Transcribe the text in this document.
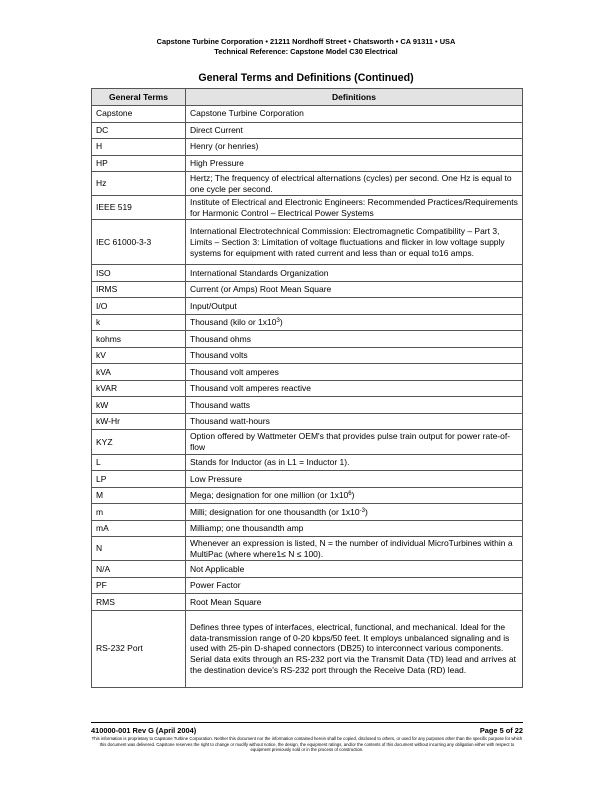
Capstone Turbine Corporation • 21211 Nordhoff Street • Chatsworth • CA 91311 • USA
Technical Reference: Capstone Model C30 Electrical
General Terms and Definitions (Continued)
General Terms	Definitions
Capstone	Capstone Turbine Corporation
DC	Direct Current
H	Henry (or henries)
HP	High Pressure
Hz	Hertz; The frequency of electrical alternations (cycles) per second. One Hz is equal to one cycle per second.
IEEE 519	Institute of Electrical and Electronic Engineers: Recommended Practices/Requirements for Harmonic Control – Electrical Power Systems
IEC 61000-3-3	International Electrotechnical Commission: Electromagnetic Compatibility – Part 3, Limits – Section 3: Limitation of voltage fluctuations and flicker in low voltage supply systems for equipment with rated current and less than or equal to16 amps.
ISO	International Standards Organization
IRMS	Current (or Amps) Root Mean Square
I/O	Input/Output
k	Thousand (kilo or $1x10^3$)
kohms	Thousand ohms
kV	Thousand volts
kVA	Thousand volt amperes
kVAR	Thousand volt amperes reactive
kW	Thousand watts
kW-Hr	Thousand watt-hours
KYZ	Option offered by Wattmeter OEM's that provides pulse train output for power rate-of-flow
L	Stands for Inductor (as in L1 = Inductor 1).
LP	Low Pressure
M	Mega; designation for one million (or $1x10^6$)
m	Milli; designation for one thousandth (or $1x10^{-3}$)
mA	Milliamp; one thousandth amp
N	Whenever an expression is listed, N = the number of individual MicroTurbines within a MultiPac (where where1≤ N ≤ 100).
N/A	Not Applicable
PF	Power Factor
RMS	Root Mean Square
RS-232 Port	Defines three types of interfaces, electrical, functional, and mechanical. Ideal for the data-transmission range of 0-20 kbps/50 feet. It employs unbalanced signaling and is used with 25-pin D-shaped connectors (DB25) to interconnect various components. Serial data exits through an RS-232 port via the Transmit Data (TD) lead and arrives at the destination device's RS-232 port through the Receive Data (RD) lead.
410000-001 Rev G (April 2004)	Page 5 of 22
This information is proprietary to Capstone Turbine Corporation. Neither this document nor the information contained herein shall be copied, disclosed to others, or used for any purposes other than the specific purpose for which this document was delivered. Capstone reserves the right to change or modify without notice, the design, the equipment ratings, and/or the contents of this document without incurring any obligation either with respect to equipment previously sold or in the process of construction.
